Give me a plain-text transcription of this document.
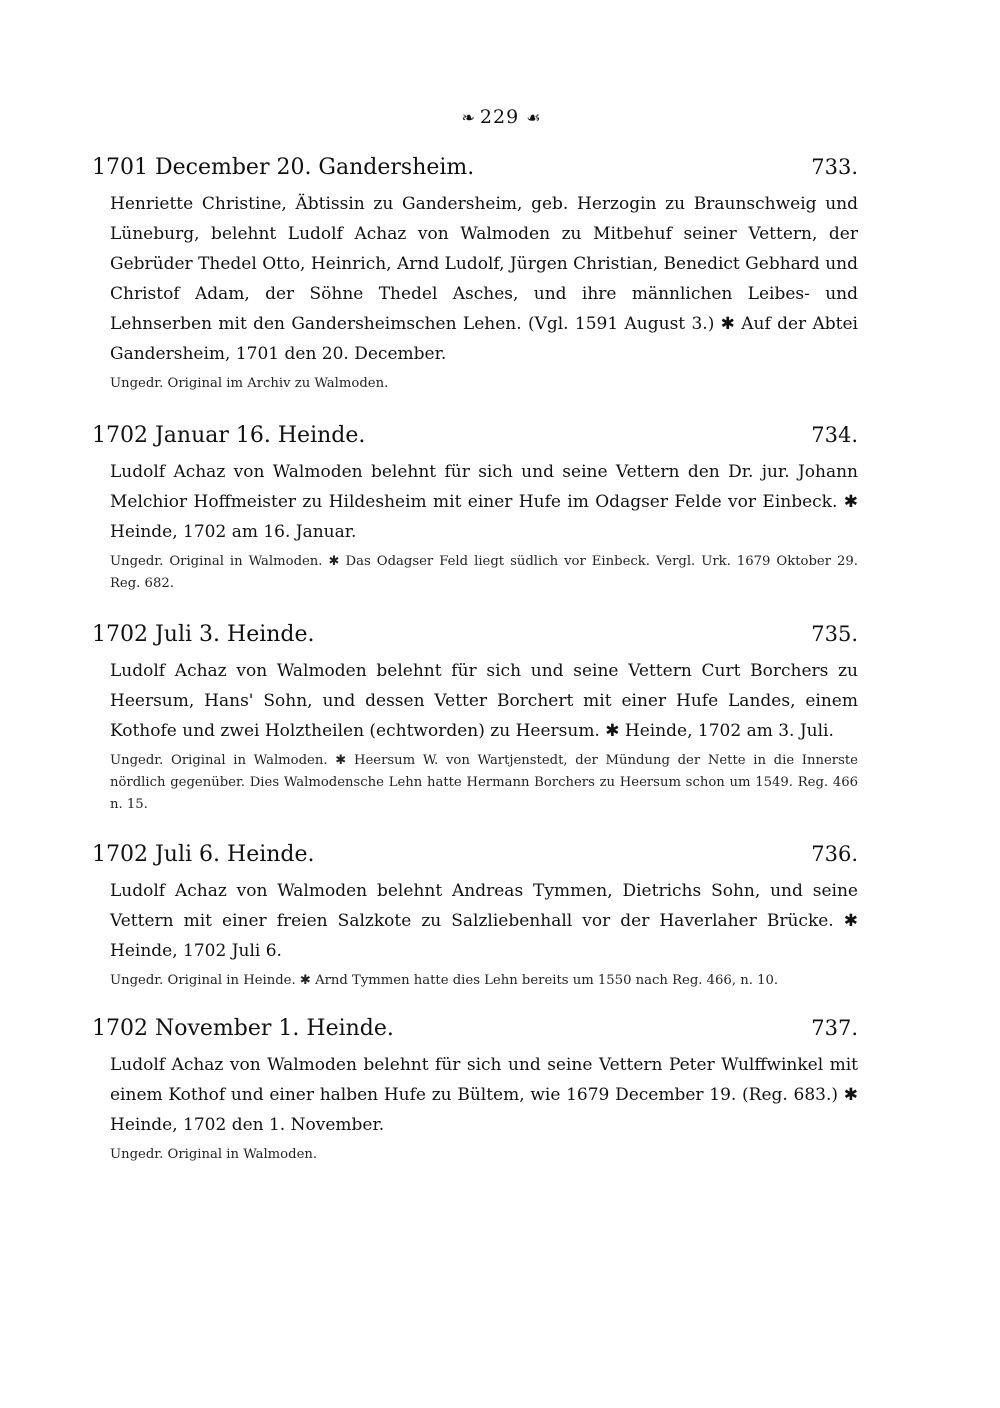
❧ 229 ☙
1701 December 20. Gandersheim.	733.

Henriette Christine, Äbtissin zu Gandersheim, geb. Herzogin zu Braunschweig und Lüneburg, belehnt Ludolf Achaz von Walmoden zu Mitbehuf seiner Vettern, der Gebrüder Thedel Otto, Heinrich, Arnd Ludolf, Jürgen Christian, Benedict Gebhard und Christof Adam, der Söhne Thedel Asches, und ihre männlichen Leibes- und Lehnserben mit den Gandersheimschen Lehen. (Vgl. 1591 August 3.) ✱ Auf der Abtei Gandersheim, 1701 den 20. December.

Ungedr. Original im Archiv zu Walmoden.

1702 Januar 16. Heinde.	734.

Ludolf Achaz von Walmoden belehnt für sich und seine Vettern den Dr. jur. Johann Melchior Hoffmeister zu Hildesheim mit einer Hufe im Odagser Felde vor Einbeck. ✱ Heinde, 1702 am 16. Januar.

Ungedr. Original in Walmoden. ✱ Das Odagser Feld liegt südlich vor Einbeck. Vergl. Urk. 1679 Oktober 29. Reg. 682.

1702 Juli 3. Heinde.	735.

Ludolf Achaz von Walmoden belehnt für sich und seine Vettern Curt Borchers zu Heersum, Hans' Sohn, und dessen Vetter Borchert mit einer Hufe Landes, einem Kothofe und zwei Holztheilen (echtworden) zu Heersum. ✱ Heinde, 1702 am 3. Juli.

Ungedr. Original in Walmoden. ✱ Heersum W. von Wartjenstedt, der Mündung der Nette in die Innerste nördlich gegenüber. Dies Walmodensche Lehn hatte Hermann Borchers zu Heersum schon um 1549. Reg. 466 n. 15.

1702 Juli 6. Heinde.	736.

Ludolf Achaz von Walmoden belehnt Andreas Tymmen, Dietrichs Sohn, und seine Vettern mit einer freien Salzkote zu Salzliebenhall vor der Haverlaher Brücke. ✱ Heinde, 1702 Juli 6.

Ungedr. Original in Heinde. ✱ Arnd Tymmen hatte dies Lehn bereits um 1550 nach Reg. 466, n. 10.

1702 November 1. Heinde.	737.

Ludolf Achaz von Walmoden belehnt für sich und seine Vettern Peter Wulffwinkel mit einem Kothof und einer halben Hufe zu Bültem, wie 1679 December 19. (Reg. 683.) ✱ Heinde, 1702 den 1. November.

Ungedr. Original in Walmoden.
